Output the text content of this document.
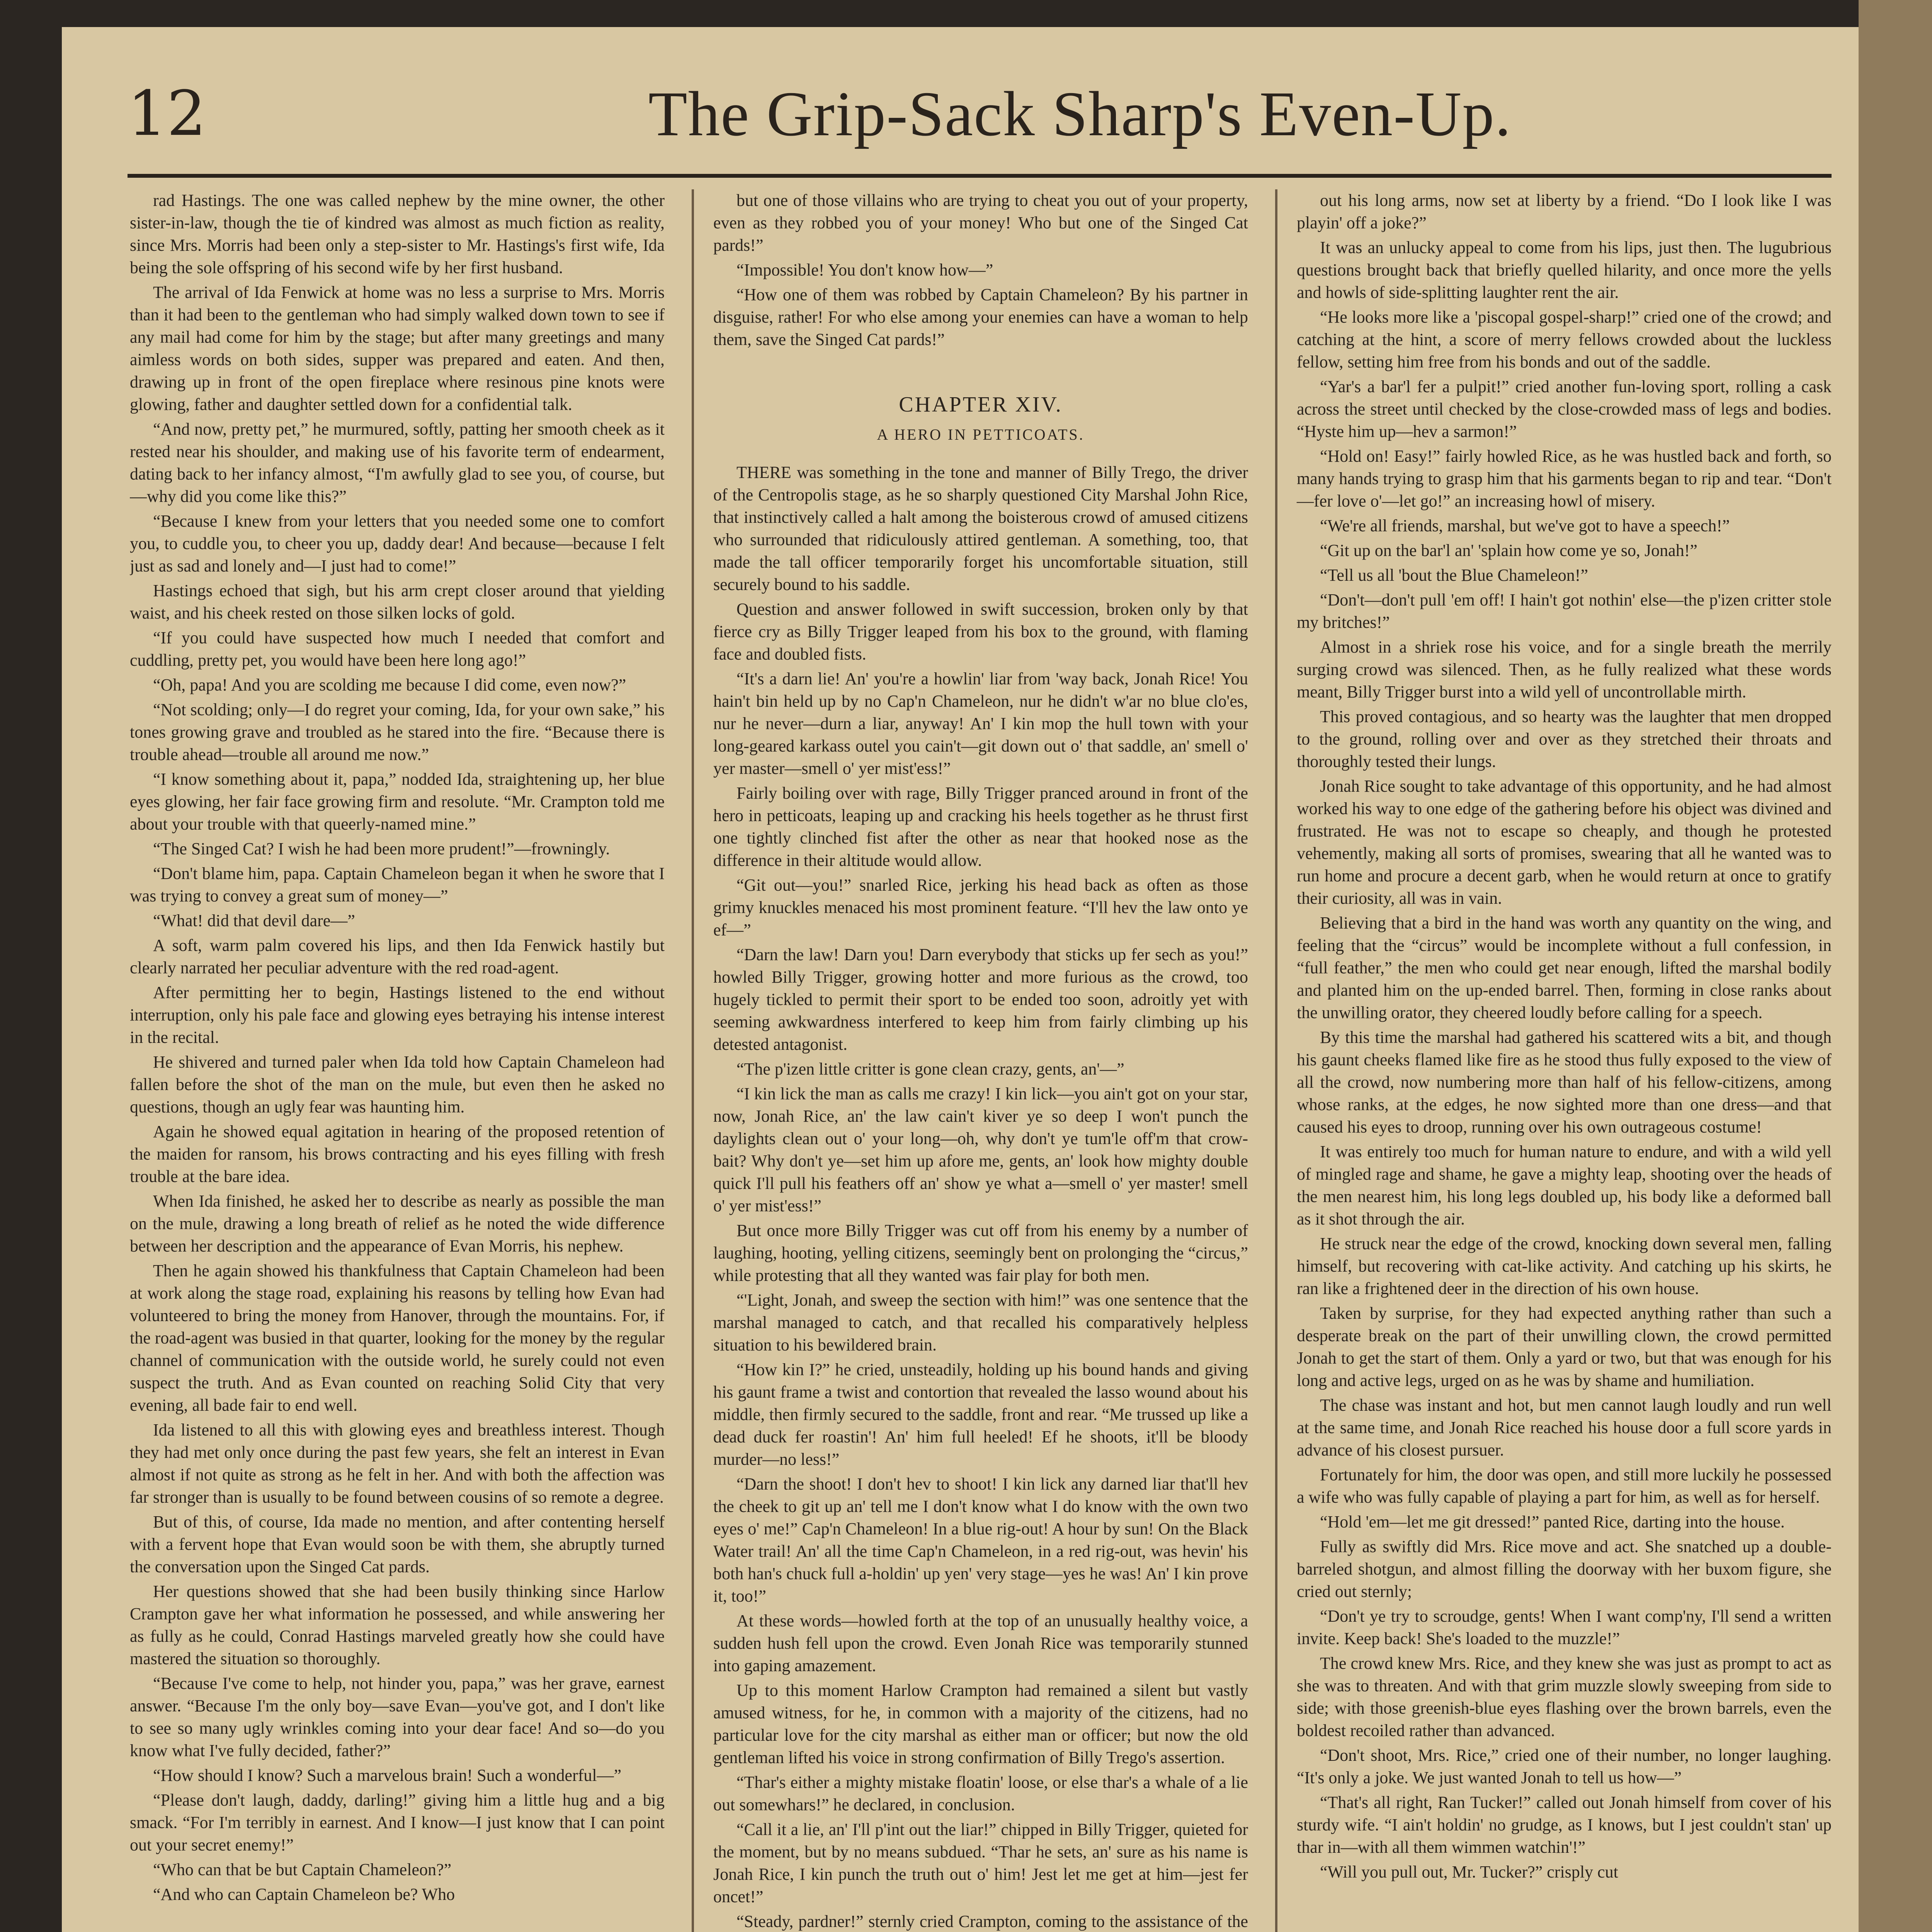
12	The Grip-Sack Sharp's Even-Up.

rad Hastings. The one was called nephew by the mine owner, the other sister-in-law, though the tie of kindred was almost as much fiction as reality, since Mrs. Morris had been only a step-sister to Mr. Hastings's first wife, Ida being the sole offspring of his second wife by her first husband.

The arrival of Ida Fenwick at home was no less a surprise to Mrs. Morris than it had been to the gentleman who had simply walked down town to see if any mail had come for him by the stage; but after many greetings and many aimless words on both sides, supper was prepared and eaten. And then, drawing up in front of the open fireplace where resinous pine knots were glowing, father and daughter settled down for a confidential talk.

“And now, pretty pet,” he murmured, softly, patting her smooth cheek as it rested near his shoulder, and making use of his favorite term of endearment, dating back to her infancy almost, “I'm awfully glad to see you, of course, but—why did you come like this?”

“Because I knew from your letters that you needed some one to comfort you, to cuddle you, to cheer you up, daddy dear! And because—because I felt just as sad and lonely and—I just had to come!”

Hastings echoed that sigh, but his arm crept closer around that yielding waist, and his cheek rested on those silken locks of gold.

“If you could have suspected how much I needed that comfort and cuddling, pretty pet, you would have been here long ago!”

“Oh, papa! And you are scolding me because I did come, even now?”

“Not scolding; only—I do regret your coming, Ida, for your own sake,” his tones growing grave and troubled as he stared into the fire. “Because there is trouble ahead—trouble all around me now.”

“I know something about it, papa,” nodded Ida, straightening up, her blue eyes glowing, her fair face growing firm and resolute. “Mr. Crampton told me about your trouble with that queerly-named mine.”

“The Singed Cat? I wish he had been more prudent!”—frowningly.

“Don't blame him, papa. Captain Chameleon began it when he swore that I was trying to convey a great sum of money—”

“What! did that devil dare—”

A soft, warm palm covered his lips, and then Ida Fenwick hastily but clearly narrated her peculiar adventure with the red road-agent.

After permitting her to begin, Hastings listened to the end without interruption, only his pale face and glowing eyes betraying his intense interest in the recital.

He shivered and turned paler when Ida told how Captain Chameleon had fallen before the shot of the man on the mule, but even then he asked no questions, though an ugly fear was haunting him.

Again he showed equal agitation in hearing of the proposed retention of the maiden for ransom, his brows contracting and his eyes filling with fresh trouble at the bare idea.

When Ida finished, he asked her to describe as nearly as possible the man on the mule, drawing a long breath of relief as he noted the wide difference between her description and the appearance of Evan Morris, his nephew.

Then he again showed his thankfulness that Captain Chameleon had been at work along the stage road, explaining his reasons by telling how Evan had volunteered to bring the money from Hanover, through the mountains. For, if the road-agent was busied in that quarter, looking for the money by the regular channel of communication with the outside world, he surely could not even suspect the truth. And as Evan counted on reaching Solid City that very evening, all bade fair to end well.

Ida listened to all this with glowing eyes and breathless interest. Though they had met only once during the past few years, she felt an interest in Evan almost if not quite as strong as he felt in her. And with both the affection was far stronger than is usually to be found between cousins of so remote a degree.

But of this, of course, Ida made no mention, and after contenting herself with a fervent hope that Evan would soon be with them, she abruptly turned the conversation upon the Singed Cat pards.

Her questions showed that she had been busily thinking since Harlow Crampton gave her what information he possessed, and while answering her as fully as he could, Conrad Hastings marveled greatly how she could have mastered the situation so thoroughly.

“Because I've come to help, not hinder you, papa,” was her grave, earnest answer. “Because I'm the only boy—save Evan—you've got, and I don't like to see so many ugly wrinkles coming into your dear face! And so—do you know what I've fully decided, father?”

“How should I know? Such a marvelous brain! Such a wonderful—”

“Please don't laugh, daddy, darling!” giving him a little hug and a big smack. “For I'm terribly in earnest. And I know—I just know that I can point out your secret enemy!”

“Who can that be but Captain Chameleon?”

“And who can Captain Chameleon be? Who

but one of those villains who are trying to cheat you out of your property, even as they robbed you of your money! Who but one of the Singed Cat pards!”

“Impossible! You don't know how—”

“How one of them was robbed by Captain Chameleon? By his partner in disguise, rather! For who else among your enemies can have a woman to help them, save the Singed Cat pards!”

CHAPTER XIV.
A HERO IN PETTICOATS.

THERE was something in the tone and manner of Billy Trego, the driver of the Centropolis stage, as he so sharply questioned City Marshal John Rice, that instinctively called a halt among the boisterous crowd of amused citizens who surrounded that ridiculously attired gentleman. A something, too, that made the tall officer temporarily forget his uncomfortable situation, still securely bound to his saddle.

Question and answer followed in swift succession, broken only by that fierce cry as Billy Trigger leaped from his box to the ground, with flaming face and doubled fists.

“It's a darn lie! An' you're a howlin' liar from 'way back, Jonah Rice! You hain't bin held up by no Cap'n Chameleon, nur he didn't w'ar no blue clo'es, nur he never—durn a liar, anyway! An' I kin mop the hull town with your long-geared karkass outel you cain't—git down out o' that saddle, an' smell o' yer master—smell o' yer mist'ess!”

Fairly boiling over with rage, Billy Trigger pranced around in front of the hero in petticoats, leaping up and cracking his heels together as he thrust first one tightly clinched fist after the other as near that hooked nose as the difference in their altitude would allow.

“Git out—you!” snarled Rice, jerking his head back as often as those grimy knuckles menaced his most prominent feature. “I'll hev the law onto ye ef—”

“Darn the law! Darn you! Darn everybody that sticks up fer sech as you!” howled Billy Trigger, growing hotter and more furious as the crowd, too hugely tickled to permit their sport to be ended too soon, adroitly yet with seeming awkwardness interfered to keep him from fairly climbing up his detested antagonist.

“The p'izen little critter is gone clean crazy, gents, an'—”

“I kin lick the man as calls me crazy! I kin lick—you ain't got on your star, now, Jonah Rice, an' the law cain't kiver ye so deep I won't punch the daylights clean out o' your long—oh, why don't ye tum'le off'm that crow-bait? Why don't ye—set him up afore me, gents, an' look how mighty double quick I'll pull his feathers off an' show ye what a—smell o' yer master! smell o' yer mist'ess!”

But once more Billy Trigger was cut off from his enemy by a number of laughing, hooting, yelling citizens, seemingly bent on prolonging the “circus,” while protesting that all they wanted was fair play for both men.

“'Light, Jonah, and sweep the section with him!” was one sentence that the marshal managed to catch, and that recalled his comparatively helpless situation to his bewildered brain.

“How kin I?” he cried, unsteadily, holding up his bound hands and giving his gaunt frame a twist and contortion that revealed the lasso wound about his middle, then firmly secured to the saddle, front and rear. “Me trussed up like a dead duck fer roastin'! An' him full heeled! Ef he shoots, it'll be bloody murder—no less!”

“Darn the shoot! I don't hev to shoot! I kin lick any darned liar that'll hev the cheek to git up an' tell me I don't know what I do know with the own two eyes o' me!” Cap'n Chameleon! In a blue rig-out! A hour by sun! On the Black Water trail! An' all the time Cap'n Chameleon, in a red rig-out, was hevin' his both han's chuck full a-holdin' up yen' very stage—yes he was! An' I kin prove it, too!”

At these words—howled forth at the top of an unusually healthy voice, a sudden hush fell upon the crowd. Even Jonah Rice was temporarily stunned into gaping amazement.

Up to this moment Harlow Crampton had remained a silent but vastly amused witness, for he, in common with a majority of the citizens, had no particular love for the city marshal as either man or officer; but now the old gentleman lifted his voice in strong confirmation of Billy Trego's assertion.

“Thar's either a mighty mistake floatin' loose, or else thar's a whale of a lie out somewhars!” he declared, in conclusion.

“Call it a lie, an' I'll p'int out the liar!” chipped in Billy Trigger, quieted for the moment, but by no means subdued. “Thar he sets, an' sure as his name is Jonah Rice, I kin punch the truth out o' him! Jest let me get at him—jest fer oncet!”

“Steady, pardner!” sternly cried Crampton, coming to the assistance of the

out his long arms, now set at liberty by a friend. “Do I look like I was playin' off a joke?”

It was an unlucky appeal to come from his lips, just then. The lugubrious questions brought back that briefly quelled hilarity, and once more the yells and howls of side-splitting laughter rent the air.

“He looks more like a 'piscopal gospel-sharp!” cried one of the crowd; and catching at the hint, a score of merry fellows crowded about the luckless fellow, setting him free from his bonds and out of the saddle.

“Yar's a bar'l fer a pulpit!” cried another fun-loving sport, rolling a cask across the street until checked by the close-crowded mass of legs and bodies. “Hyste him up—hev a sarmon!”

“Hold on! Easy!” fairly howled Rice, as he was hustled back and forth, so many hands trying to grasp him that his garments began to rip and tear. “Don't—fer love o'—let go!” an increasing howl of misery.

“We're all friends, marshal, but we've got to have a speech!”

“Git up on the bar'l an' 'splain how come ye so, Jonah!”

“Tell us all 'bout the Blue Chameleon!”

“Don't—don't pull 'em off! I hain't got nothin' else—the p'izen critter stole my britches!”

Almost in a shriek rose his voice, and for a single breath the merrily surging crowd was silenced. Then, as he fully realized what these words meant, Billy Trigger burst into a wild yell of uncontrollable mirth.

This proved contagious, and so hearty was the laughter that men dropped to the ground, rolling over and over as they stretched their throats and thoroughly tested their lungs.

Jonah Rice sought to take advantage of this opportunity, and he had almost worked his way to one edge of the gathering before his object was divined and frustrated. He was not to escape so cheaply, and though he protested vehemently, making all sorts of promises, swearing that all he wanted was to run home and procure a decent garb, when he would return at once to gratify their curiosity, all was in vain.

Believing that a bird in the hand was worth any quantity on the wing, and feeling that the “circus” would be incomplete without a full confession, in “full feather,” the men who could get near enough, lifted the marshal bodily and planted him on the up-ended barrel. Then, forming in close ranks about the unwilling orator, they cheered loudly before calling for a speech.

By this time the marshal had gathered his scattered wits a bit, and though his gaunt cheeks flamed like fire as he stood thus fully exposed to the view of all the crowd, now numbering more than half of his fellow-citizens, among whose ranks, at the edges, he now sighted more than one dress—and that caused his eyes to droop, running over his own outrageous costume!

It was entirely too much for human nature to endure, and with a wild yell of mingled rage and shame, he gave a mighty leap, shooting over the heads of the men nearest him, his long legs doubled up, his body like a deformed ball as it shot through the air.

He struck near the edge of the crowd, knocking down several men, falling himself, but recovering with cat-like activity. And catching up his skirts, he ran like a frightened deer in the direction of his own house.

Taken by surprise, for they had expected anything rather than such a desperate break on the part of their unwilling clown, the crowd permitted Jonah to get the start of them. Only a yard or two, but that was enough for his long and active legs, urged on as he was by shame and humiliation.

The chase was instant and hot, but men cannot laugh loudly and run well at the same time, and Jonah Rice reached his house door a full score yards in advance of his closest pursuer.

Fortunately for him, the door was open, and still more luckily he possessed a wife who was fully capable of playing a part for him, as well as for herself.

“Hold 'em—let me git dressed!” panted Rice, darting into the house.

Fully as swiftly did Mrs. Rice move and act. She snatched up a double-barreled shotgun, and almost filling the doorway with her buxom figure, she cried out sternly;

“Don't ye try to scroudge, gents! When I want comp'ny, I'll send a written invite. Keep back! She's loaded to the muzzle!”

The crowd knew Mrs. Rice, and they knew she was just as prompt to act as she was to threaten. And with that grim muzzle slowly sweeping from side to side; with those greenish-blue eyes flashing over the brown barrels, even the boldest recoiled rather than advanced.

“Don't shoot, Mrs. Rice,” cried one of their number, no longer laughing. “It's only a joke. We just wanted Jonah to tell us how—”

“That's all right, Ran Tucker!” called out Jonah himself from cover of his sturdy wife. “I ain't holdin' no grudge, as I knows, but I jest couldn't stan' up thar in—with all them wimmen watchin'!”

“Will you pull out, Mr. Tucker?” crisply cut
